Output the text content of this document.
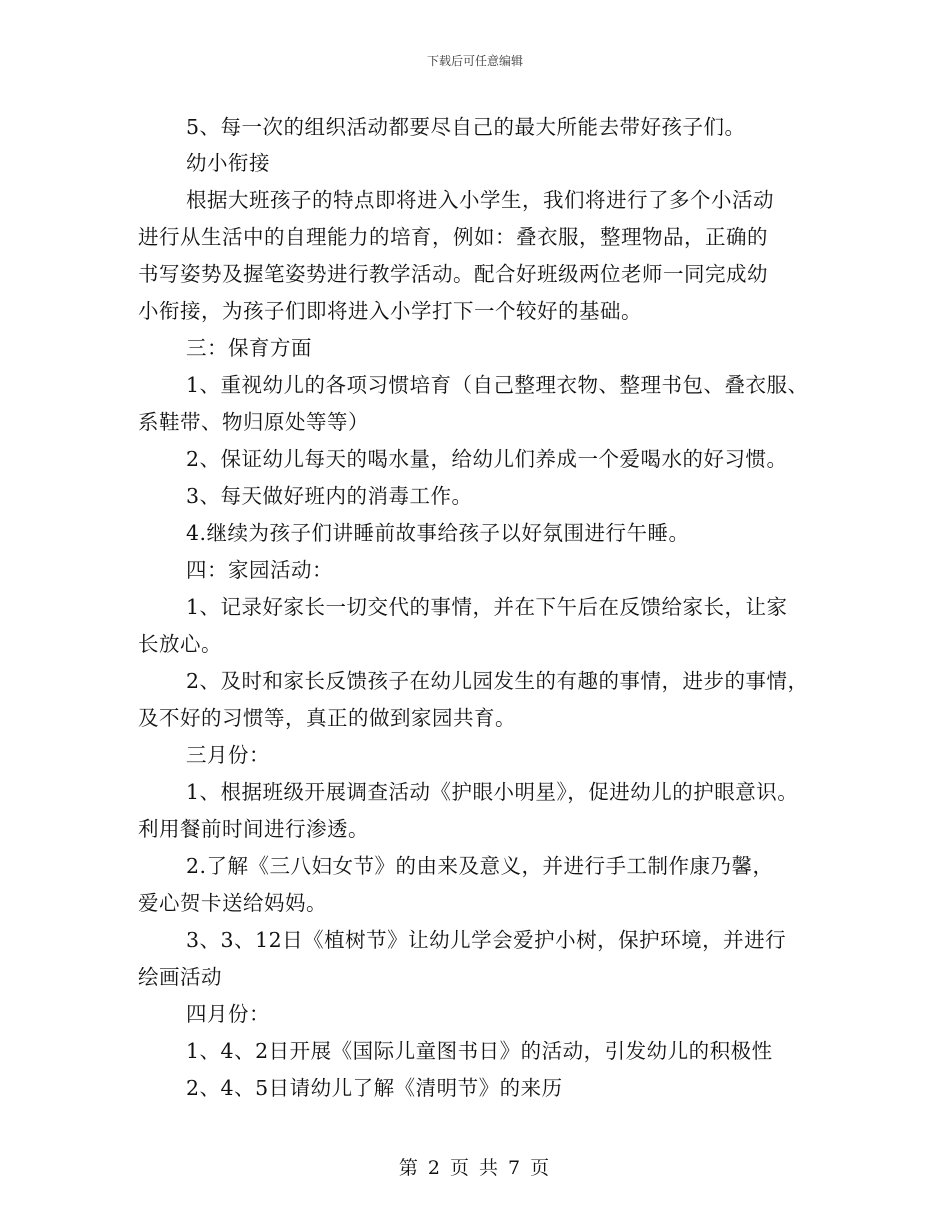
下载后可任意编辑
5、每一次的组织活动都要尽自己的最大所能去带好孩子们。
幼小衔接
根据大班孩子的特点即将进入小学生，我们将进行了多个小活动
进行从生活中的自理能力的培育，例如：叠衣服，整理物品，正确的
书写姿势及握笔姿势进行教学活动。配合好班级两位老师一同完成幼
小衔接，为孩子们即将进入小学打下一个较好的基础。
三：保育方面
1、重视幼儿的各项习惯培育（自己整理衣物、整理书包、叠衣服、
系鞋带、物归原处等等）
2、保证幼儿每天的喝水量，给幼儿们养成一个爱喝水的好习惯。
3、每天做好班内的消毒工作。
4.继续为孩子们讲睡前故事给孩子以好氛围进行午睡。
四：家园活动：
1、记录好家长一切交代的事情，并在下午后在反馈给家长，让家
长放心。
2、及时和家长反馈孩子在幼儿园发生的有趣的事情，进步的事情，
及不好的习惯等，真正的做到家园共育。
三月份：
1、根据班级开展调查活动《护眼小明星》，促进幼儿的护眼意识。
利用餐前时间进行渗透。
2.了解《三八妇女节》的由来及意义，并进行手工制作康乃馨，
爱心贺卡送给妈妈。
3、3、12日《植树节》让幼儿学会爱护小树，保护环境，并进行
绘画活动
四月份：
1、4、2日开展《国际儿童图书日》的活动，引发幼儿的积极性
2、4、5日请幼儿了解《清明节》的来历
第 2 页 共 7 页
